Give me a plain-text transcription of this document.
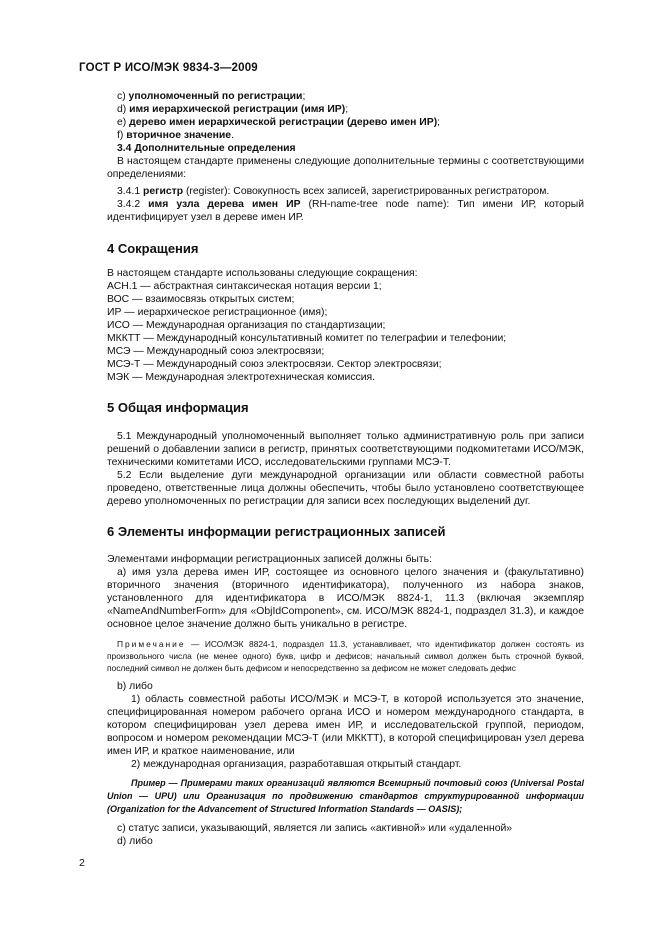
ГОСТ Р ИСО/МЭК 9834-3—2009

c) уполномоченный по регистрации;

d) имя иерархической регистрации (имя ИР);

e) дерево имен иерархической регистрации (дерево имен ИР);

f) вторичное значение.

3.4 Дополнительные определения

В настоящем стандарте применены следующие дополнительные термины с соответствующими определениями:

3.4.1 регистр (register): Совокупность всех записей, зарегистрированных регистратором.

3.4.2 имя узла дерева имен ИР (RH-name-tree node name): Тип имени ИР, который идентифицирует узел в дереве имен ИР.

4 Сокращения

В настоящем стандарте использованы следующие сокращения:

АСН.1 — абстрактная синтаксическая нотация версии 1;

ВОС — взаимосвязь открытых систем;

ИР — иерархическое регистрационное (имя);

ИСО — Международная организация по стандартизации;

МККТТ — Международный консультативный комитет по телеграфии и телефонии;

МСЭ — Международный союз электросвязи;

МСЭ-Т — Международный союз электросвязи. Сектор электросвязи;

МЭК — Международная электротехническая комиссия.

5 Общая информация

5.1 Международный уполномоченный выполняет только административную роль при записи решений о добавлении записи в регистр, принятых соответствующими подкомитетами ИСО/МЭК, техническими комитетами ИСО, исследовательскими группами МСЭ-Т.

5.2 Если выделение дуги международной организации или области совместной работы проведено, ответственные лица должны обеспечить, чтобы было установлено соответствующее дерево уполномоченных по регистрации для записи всех последующих выделений дуг.

6 Элементы информации регистрационных записей

Элементами информации регистрационных записей должны быть:

a) имя узла дерева имен ИР, состоящее из основного целого значения и (факультативно) вторичного значения (вторичного идентификатора), полученного из набора знаков, установленного для идентификатора в ИСО/МЭК 8824-1, 11.3 (включая экземпляр «NameAndNumberForm» для «ObjIdComponent», см. ИСО/МЭК 8824-1, подраздел 31.3), и каждое основное целое значение должно быть уникально в регистре.

Примечание — ИСО/МЭК 8824-1, подраздел 11.3, устанавливает, что идентификатор должен состоять из произвольного числа (не менее одного) букв, цифр и дефисов; начальный символ должен быть строчной буквой, последний символ не должен быть дефисом и непосредственно за дефисом не может следовать дефис

b) либо

1) область совместной работы ИСО/МЭК и МСЭ-Т, в которой используется это значение, специфицированная номером рабочего органа ИСО и номером международного стандарта, в котором специфицирован узел дерева имен ИР, и исследовательской группой, периодом, вопросом и номером рекомендации МСЭ-Т (или МККТТ), в которой специфицирован узел дерева имен ИР, и краткое наименование, или

2) международная организация, разработавшая открытый стандарт.

Пример — Примерами таких организаций являются Всемирный почтовый союз (Universal Postal Union — UPU) или Организация по продвижению стандартов структурированной информации (Organization for the Advancement of Structured Information Standards — OASIS);

c) статус записи, указывающий, является ли запись «активной» или «удаленной»

d) либо

2
